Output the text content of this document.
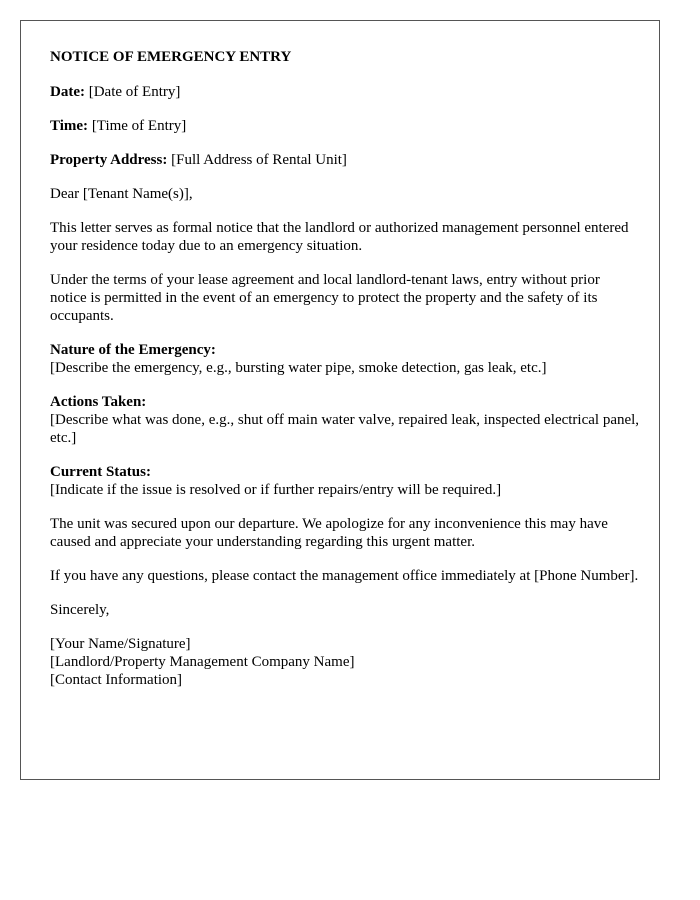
NOTICE OF EMERGENCY ENTRY

Date: [Date of Entry]

Time: [Time of Entry]

Property Address: [Full Address of Rental Unit]

Dear [Tenant Name(s)],

This letter serves as formal notice that the landlord or authorized management personnel entered your residence today due to an emergency situation.

Under the terms of your lease agreement and local landlord-tenant laws, entry without prior notice is permitted in the event of an emergency to protect the property and the safety of its occupants.

Nature of the Emergency:
[Describe the emergency, e.g., bursting water pipe, smoke detection, gas leak, etc.]

Actions Taken:
[Describe what was done, e.g., shut off main water valve, repaired leak, inspected electrical panel, etc.]

Current Status:
[Indicate if the issue is resolved or if further repairs/entry will be required.]

The unit was secured upon our departure. We apologize for any inconvenience this may have caused and appreciate your understanding regarding this urgent matter.

If you have any questions, please contact the management office immediately at [Phone Number].

Sincerely,

[Your Name/Signature]
[Landlord/Property Management Company Name]
[Contact Information]
